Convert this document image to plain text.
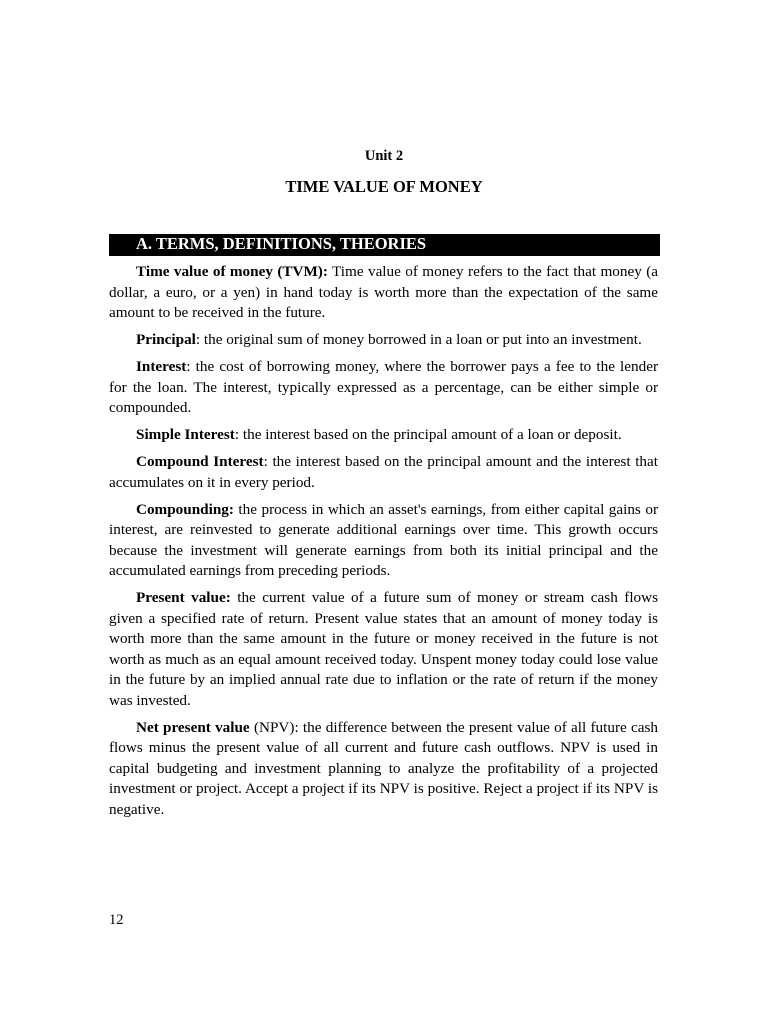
Unit 2
TIME VALUE OF MONEY
A. TERMS, DEFINITIONS, THEORIES

Time value of money (TVM): Time value of money refers to the fact that money (a dollar, a euro, or a yen) in hand today is worth more than the expectation of the same amount to be received in the future.

Principal: the original sum of money borrowed in a loan or put into an investment.

Interest: the cost of borrowing money, where the borrower pays a fee to the lender for the loan. The interest, typically expressed as a percentage, can be either simple or compounded.

Simple Interest: the interest based on the principal amount of a loan or deposit.

Compound Interest: the interest based on the principal amount and the interest that accumulates on it in every period.

Compounding: the process in which an asset's earnings, from either capital gains or interest, are reinvested to generate additional earnings over time. This growth occurs because the investment will generate earnings from both its initial principal and the accumulated earnings from preceding periods.

Present value: the current value of a future sum of money or stream cash flows given a specified rate of return. Present value states that an amount of money today is worth more than the same amount in the future or money received in the future is not worth as much as an equal amount received today. Unspent money today could lose value in the future by an implied annual rate due to inflation or the rate of return if the money was invested.

Net present value (NPV): the difference between the present value of all future cash flows minus the present value of all current and future cash outflows. NPV is used in capital budgeting and investment planning to analyze the profitability of a projected investment or project. Accept a project if its NPV is positive. Reject a project if its NPV is negative.

12
